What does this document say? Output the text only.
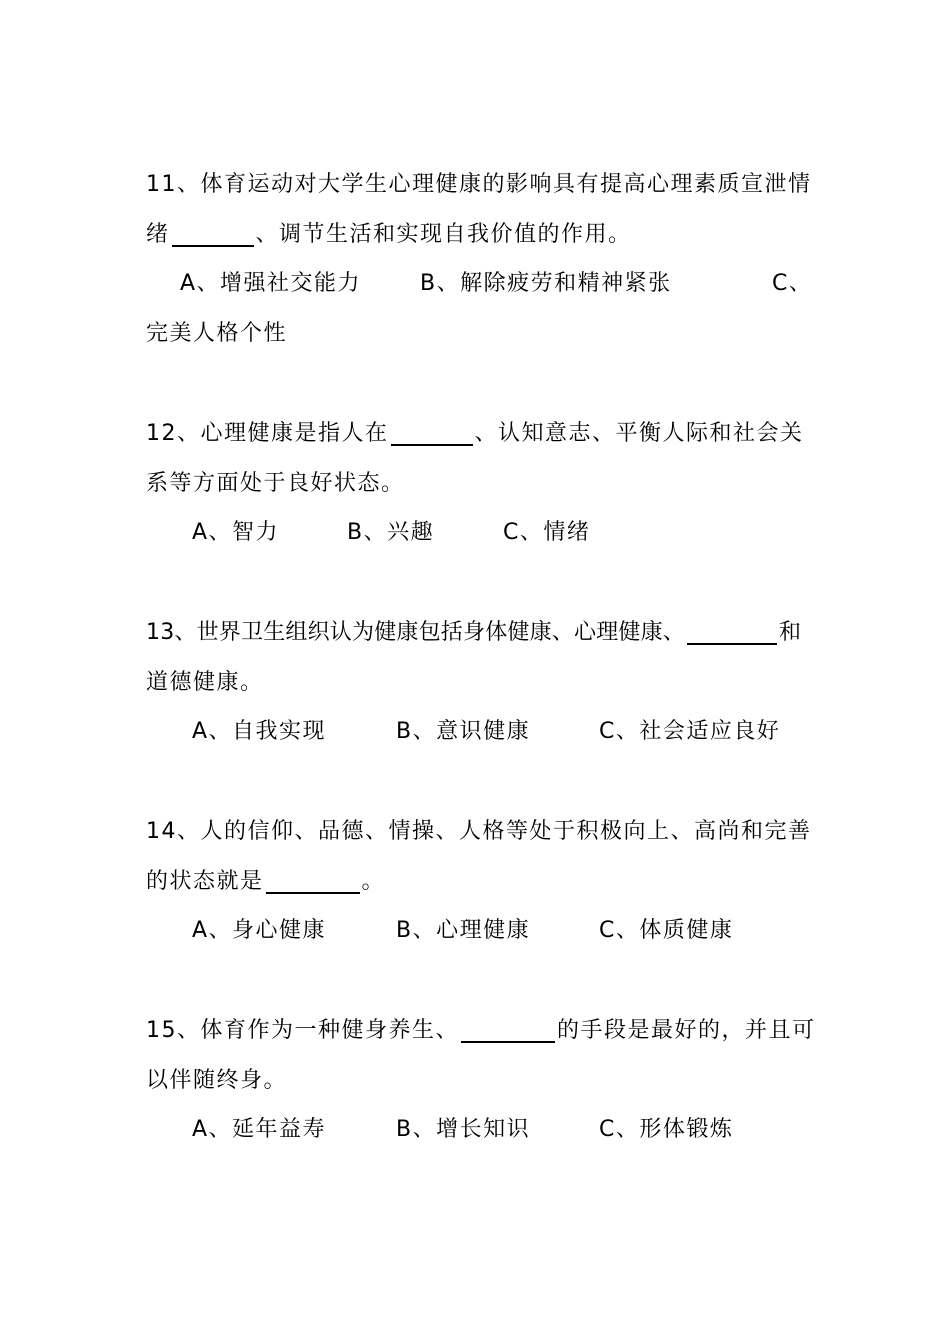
11、体育运动对大学生心理健康的影响具有提高心理素质宣泄情
绪	、调节生活和实现自我价值的作用。
A、增强社交能力	B、解除疲劳和精神紧张	C、
完美人格个性
12、心理健康是指人在	、认知意志、平衡人际和社会关
系等方面处于良好状态。
A、智力	B、兴趣	C、情绪
13、世界卫生组织认为健康包括身体健康、心理健康、	和
道德健康。
A、自我实现	B、意识健康	C、社会适应良好
14、人的信仰、品德、情操、人格等处于积极向上、高尚和完善
的状态就是	。
A、身心健康	B、心理健康	C、体质健康
15、体育作为一种健身养生、	的手段是最好的，并且可
以伴随终身。
A、延年益寿	B、增长知识	C、形体锻炼
